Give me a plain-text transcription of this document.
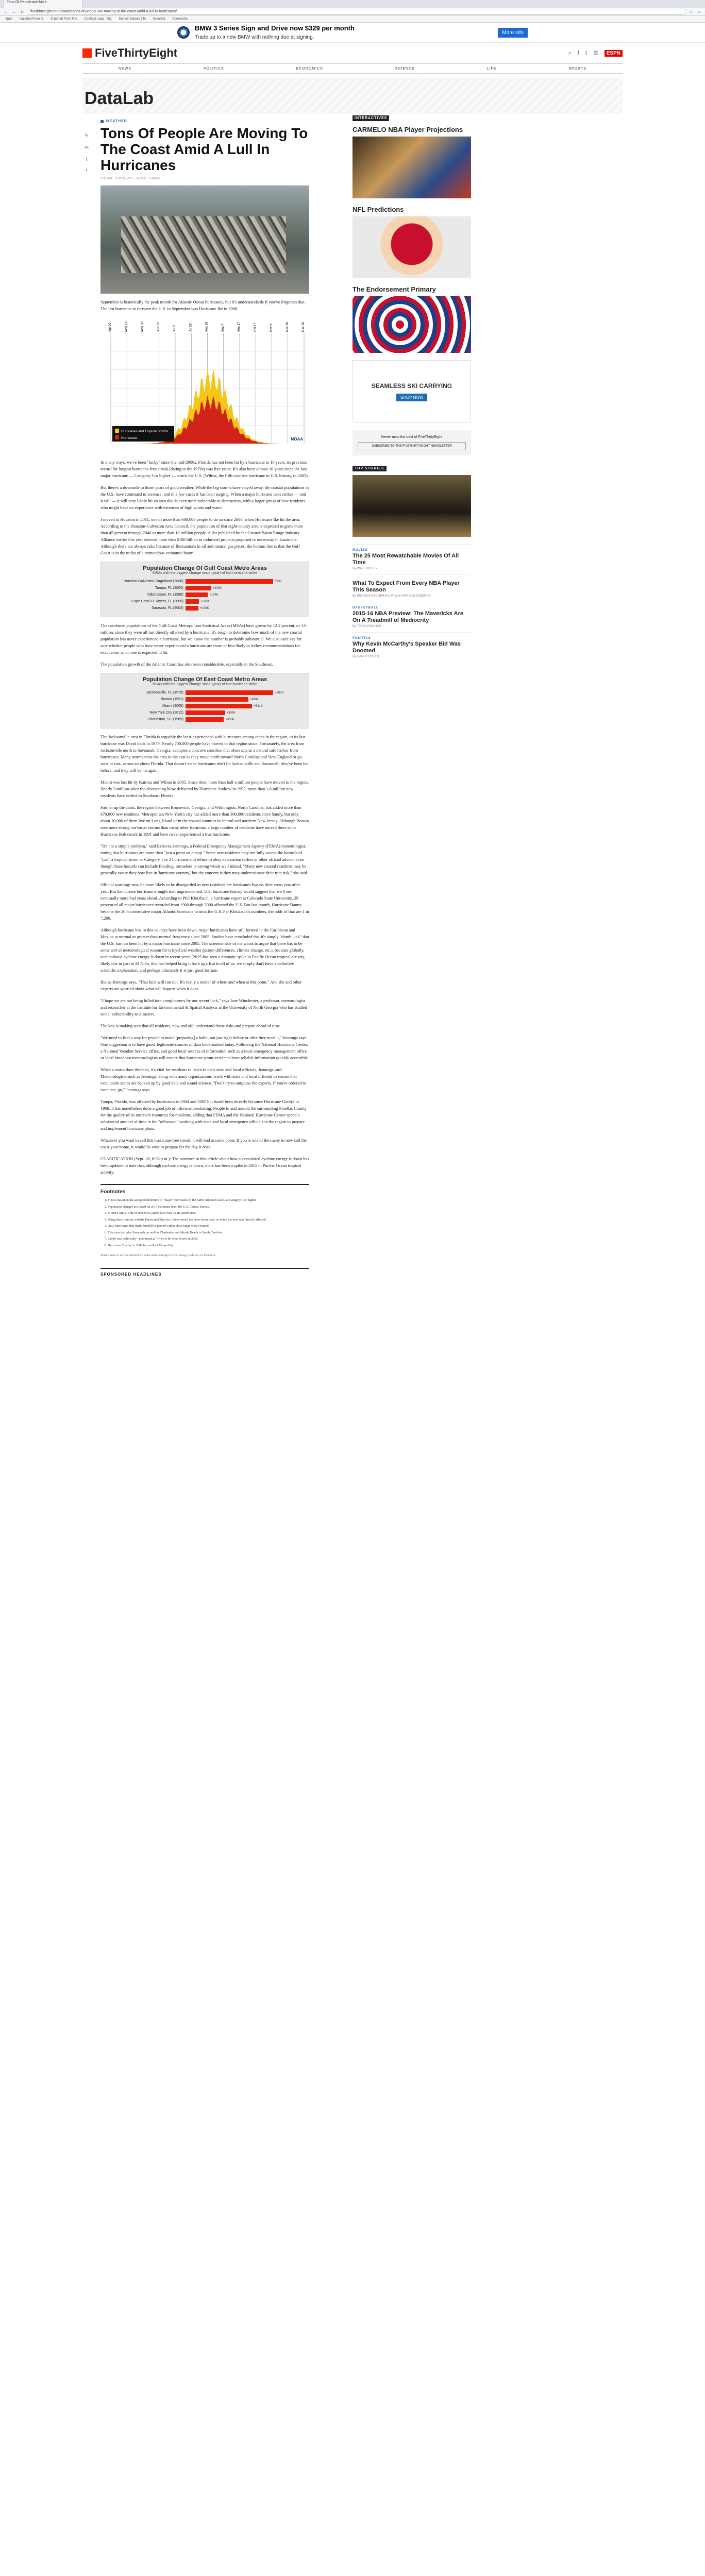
Tons Of People Are Mo ×
← → ↻	fivethirtyeight.com/datalab/tons-of-people-are-moving-to-the-coast-amid-a-lull-in-hurricanes/	☆	≡
Apps Imported From IE Imported From Fire Contract Logic - Sig Domain Names | To Imported Bookmarks
BMW 3 Series Sign and Drive now $329 per month
Trade up to a new BMW with nothing due at signing.
More info
FiveThirtyEight	⌕ f t ☰	ESPN
NEWS	POLITICS	ECONOMICS	SCIENCE	LIFE	SPORTS
DataLab
✎
✉
t
f
WEATHER
Tons Of People Are Moving To The Coast Amid A Lull In Hurricanes
2:35 AM · SEP 28, 2015 · By MATT LANZA

September is historically the peak month for Atlantic Ocean hurricanes, but it's understandable if you've forgotten that. The last hurricane to threaten the U.S. in September was Hurricane Ike in 2008.

Apr 20	May 10	May 30	Jun 19	Jul 9	Jul 29	Aug 18	Sep 7	Sep 27	Oct 17	Nov 6	Nov 26	Dec 16
Hurricanes and Tropical Storms
Hurricanes	NOAA

In many ways, we've been "lucky" since the mid-2000s. Florida has not been hit by a hurricane in 10 years, its previous record for longest hurricane-free streak (dating to the 1970s) was five years. It's also been almost 10 years since the last major hurricane — Category 3 or higher — struck the U.S. (Wilma, the fifth costliest hurricane in U.S. history, in 2005).

But there's a downside to those years of good weather. While the big storms have stayed away, the coastal populations in the U.S. have continued to increase, and in a few cases it has been surging. When a major hurricane next strikes — and it will — it will very likely hit an area that is even more vulnerable to destruction, with a larger group of new residents who might have no experience with extremes of high winds and water.

I moved to Houston in 2011, one of more than 600,000 people to do so since 2006, when Hurricane Ike hit the area. According to the Houston-Galveston Area Council, the population of that eight-county area is expected to grow more than 45 percent through 2040 to more than 10 million people. A list published by the Greater Baton Rouge Industry Alliance earlier this year showed more than $100 billion in industrial projects proposed or underway in Louisiana. Although there are always risks because of fluctuations in oil and natural gas prices, the bottom line is that the Gulf Coast is in the midst of a tremendous economic boom.

Population Change Of Gulf Coast Metro Areas
MSAs with the biggest change since (year) of last hurricane strike
Houston-Galveston-Sugarland (2008)	683K
Tampa, FL (2004)	+200K
Tallahassee, FL (1985)	+174K
Cape Coral-Ft. Myers, FL (2005)	+103K
Sarasota, FL (2004)	+100K

The combined populations of the Gulf Coast Metropolitan Statistical Areas (MSAs) have grown by 12.2 percent, or 1.6 million, since they were all last directly affected by a hurricane. It's tough to determine how much of the new coastal population has never experienced a hurricane, but we know the number is probably substantial. We also can't say for sure whether people who have never experienced a hurricane are more or less likely to follow recommendations for evacuation when one is expected to hit.

The population growth of the Atlantic Coast has also been considerable, especially in the Southeast.

Population Change Of East Coast Metro Areas
MSAs with the biggest change since (year) of last hurricane strike
Jacksonville, FL (1979)	+685K
Boston (1991)	+490K
Miami (2005)	+521K
New York City (2012)	+309K
Charleston, SC (1989)	+300K

The Jacksonville area in Florida is arguably the least-experienced with hurricanes among cities in the region, as its last hurricane was David back in 1979. Nearly 700,000 people have moved to that region since. Fortunately, the area from Jacksonville north to Savannah, Georgia, occupies a concave coastline that often acts as a natural safe harbor from hurricanes. Many storms miss the area to the east as they move north toward North Carolina and New England or go west to east, across southern Florida. That doesn't mean hurricanes don't hit Jacksonville and Savannah; they've been hit before, and they will be hit again.

Miami was last hit by Katrina and Wilma in 2005. Since then, more than half a million people have moved to the region. Nearly 3 million since the devastating blow delivered by Hurricane Andrew in 1992, more than 1.6 million new residents have settled in Southeast Florida.

Farther up the coast, the region between Brunswick, Georgia, and Wilmington, North Carolina, has added more than 670,000 new residents. Metropolitan New York's city has added more than 300,000 residents since Sandy, but only about 10,000 of them live on Long Island or in the coastal counties in central and northern New Jersey. Although Boston sees more strong nor'easter storms than many other locations, a large number of residents have moved there since Hurricane Bob struck in 1991 and have never experienced a true hurricane.

"It's not a simple problem," said Rebecca Jennings, a Federal Emergency Management Agency (FEMA) meteorologist, noting that hurricanes are more than "just a point on a map." Some new residents may not fully accept the hazards of "just" a tropical storm or Category 1 or 2 hurricane and refuse to obey evacuation orders or other official advice, even though those hazards can include flooding, tornadoes or strong winds well inland. "Many new coastal residents may be generally aware they now live in 'hurricane country,' but the concern is they may underestimate their true risk," she said.

Official warnings may be more likely to be disregarded as new residents are hurricanes bypass their areas year after year. But the current hurricane drought isn't unprecedented. U.S. hurricane history would suggest that we'll see eventually more bad years ahead. According to Phil Klotzbach, a hurricane expert at Colorado State University, 29 percent of all major hurricanes recorded from 1900 through 2000 affected the U.S. But last month, Hurricane Danny became the 26th consecutive major Atlantic hurricane to miss the U.S. Per Klotzbach's numbers, the odds of that are 1 in 7,200.

Although hurricane hits in this country have been down, major hurricanes have still formed in the Caribbean and Mexico at normal or greater-than-normal frequency since 2005. Studies have concluded that it's simply "dumb luck" that the U.S. has not been hit by a major hurricane since 2005. The scientist side of me wants to argue that there has to be some sort of meteorological reason for it (cyclical weather pattern differences, climate change, etc.), because globally, accumulated cyclone energy is down in recent years (2015 has seen a dramatic spike in Pacific Ocean tropical activity, likely due in part to El Niño, that has helped bring it back up). But in all of us, we simply don't have a definitive scientific explanation, and perhaps ultimately it is just good fortune.

But as Jennings says, "That luck will run out. It's really a matter of where and when at this point." And she and other experts are worried about what will happen when it does.

"I hope we are not being lulled into complacency by our recent luck," says Jane Winchester, a professor, meteorologist and researcher at the Institute for Environmental & Spatial Analysis at the University of North Georgia who has studied social vulnerability to disasters.

The key is making sure that all residents, new and old, understand those risks and prepare ahead of time.

"We need to find a way for people to make [preparing] a habit, not just right before or after they need it," Jennings says. One suggestion is to have good, legitimate sources of data bookmarked today. Following the National Hurricane Center, a National Weather Service office, and good local sources of information such as a local emergency management office or local broadcast meteorologists will ensure that hurricane-prone residents have reliable information quickly accessible.

When a storm does threaten, it's vital for residents to listen to their state and local officials, Jennings said. Meteorologists such as Jennings, along with many organizations, work with state and local officials to ensure that evacuation zones are backed up by good data and sound science. "Don't try to outguess the experts. If you're ordered to evacuate, go," Jennings says.

Tampa, Florida, was affected by hurricanes in 2004 and 2005 but hasn't been directly hit since Hurricane Gladys in 1968. It has nonetheless done a good job of information-sharing. People in and around the surrounding Pinellas County for the quality of its outreach resources for residents, adding that FEMA and the National Hurricane Center spend a substantial amount of time in the "offseason" working with state and local emergency officials in the region to prepare and implement hurricane plans.

Whatever you want to call this hurricane-free streak, it will end at some point. If you're one of the many to now call the coast your home, it would be wise to prepare for the day it does.

CLARIFICATION (Sept. 28, 8:36 p.m.): The sentence in this article about how accumulated cyclone energy is down has been updated to note that, although cyclone energy is down, there has been a spike in 2015 in Pacific Ocean tropical activity.

Footnotes
1. This is based on the accepted definition of "major" hurricanes in the Saffir-Simpson scale, as Category 3 or higher.
2. Population changes are based on 2014 estimates from the U.S. Census Bureau.
3. Miami's MSA is the Miami-Fort Lauderdale-West Palm Beach area.
4. Using data from the website HurricaneCity.com, I determined the most recent year in which the area was directly affected.
5. Only hurricanes that made landfall or passed within close range were counted.
6. This year includes Savannah, as well as Charleston and Myrtle Beach in South Carolina.
7. Sandy was technically "post-tropical" when it hit New Jersey in 2012.
8. Hurricane Charley in 2004 hit south of Tampa Bay.

Matt Lanza is an operational forecast meteorologist in the energy industry in Houston.

SPONSORED HEADLINES
INTERACTIVES
CARMELO NBA Player Projections
NFL Predictions
The Endorsement Primary
SEAMLESS SKI CARRYING
SHOP NOW
Never miss the best of FiveThirtyEight
SUBSCRIBE TO THE FIVETHIRTYEIGHT NEWSLETTER
TOP STORIES
MOVIES
The 25 Most Rewatchable Movies Of All Time
By WALT HICKEY
What To Expect From Every NBA Player This Season
By REUBEN FISCHER-BAUM and KIRK GOLDSBERRY
BASKETBALL
2015-16 NBA Preview: The Mavericks Are On A Treadmill of Mediocrity
By TIM MACMAHON
POLITICS
Why Kevin McCarthy's Speaker Bid Was Doomed
By HARRY ENTEN
